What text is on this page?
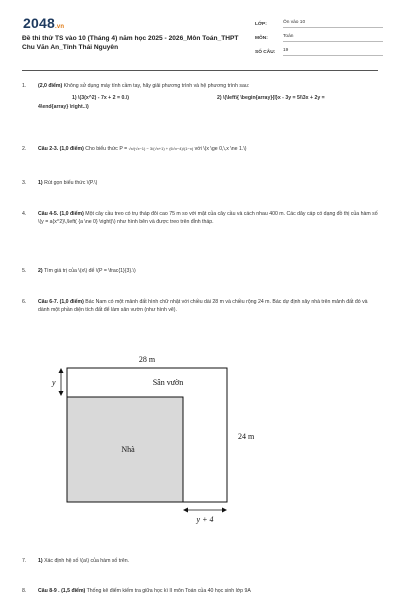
2048.vn
Đề thi thử TS vào 10 (Tháng 4) năm học 2025 - 2026_Môn Toán_THPT Chu Văn An_Tỉnh Thái Nguyên
LỚP:	Ôn vào 10
MÔN:	Toán
SỐ CÂU:	19
1.	(2,0 điểm) Không sử dụng máy tính cầm tay, hãy giải phương trình và hệ phương trình sau:
1) \(3(x^2) - 7x + 2 = 0.\)	2) \(\left\{ \begin{array}{l}x - 3y = 5\\3x + 2y =
4\end{array} \right..\)
2.	Câu 2-3. (1,0 điểm) Cho biểu thức P = √x/(√x−1) − 3/(√x+1) + (6√x−4)/(1−x) với \(x \ge 0,\,x \ne 1.\)
3.	1) Rút gọn biểu thức \(P.\)
4.	Câu 4-5. (1,0 điểm) Một cây cầu treo có trụ tháp đôi cao 75 m so với mặt của cây cầu và cách nhau 400 m. Các dây cáp có dạng đồ thị của hàm số \(y = a{x^2}\,\left( {a \ne 0} \right)\) như hình bên và được treo trên đỉnh tháp.
5.	2) Tìm giá trị của \(x\) để \(P = \frac{1}{3}.\)
6.	Câu 6-7. (1,0 điểm) Bác Nam có một mảnh đất hình chữ nhật với chiều dài 28 m và chiều rộng 24 m. Bác dự định xây nhà trên mảnh đất đó và dành một phần diện tích đất để làm sân vườn (như hình vẽ).
28 m
24 m
Sân vườn
Nhà
y
y + 4
7.	1) Xác định hệ số \(a\) của hàm số trên.
8.	Câu 8-9 . (1,5 điểm) Thống kê điểm kiểm tra giữa học kì II môn Toán của 40 học sinh lớp 9A
